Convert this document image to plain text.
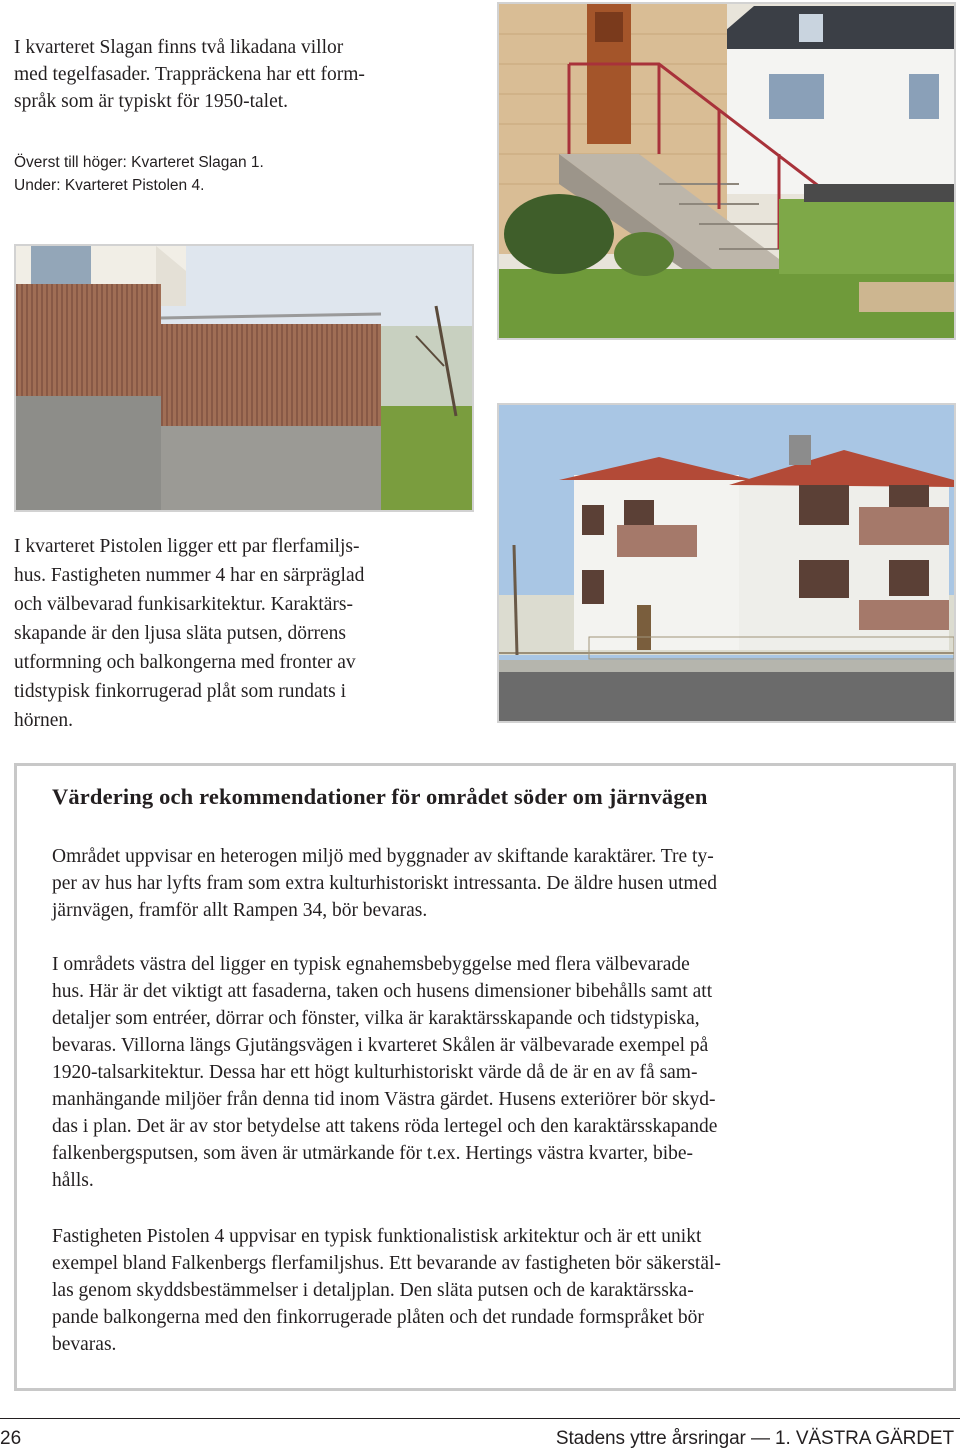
I kvarteret Slagan finns två likadana villor
med tegelfasader. Trappräckena har ett form-
språk som är typiskt för 1950-talet.
Överst till höger: Kvarteret Slagan 1.
Under: Kvarteret Pistolen 4.
I kvarteret Pistolen ligger ett par flerfamiljs-
hus. Fastigheten nummer 4 har en särpräglad
och välbevarad funkisarkitektur. Karaktärs-
skapande är den ljusa släta putsen, dörrens
utformning och balkongerna med fronter av
tidstypisk finkorrugerad plåt som rundats i
hörnen.
Värdering och rekommendationer för området söder om järnvägen
Området uppvisar en heterogen miljö med byggnader av skiftande karaktärer. Tre ty-
per av hus har lyfts fram som extra kulturhistoriskt intressanta. De äldre husen utmed
järnvägen, framför allt Rampen 34, bör bevaras.
I områdets västra del ligger en typisk egnahemsbebyggelse med flera välbevarade
hus. Här är det viktigt att fasaderna, taken och husens dimensioner bibehålls samt att
detaljer som entréer, dörrar och fönster, vilka är karaktärsskapande och tidstypiska,
bevaras. Villorna längs Gjutängsvägen i kvarteret Skålen är välbevarade exempel på
1920-talsarkitektur. Dessa har ett högt kulturhistoriskt värde då de är en av få sam-
manhängande miljöer från denna tid inom Västra gärdet. Husens exteriörer bör skyd-
das i plan. Det är av stor betydelse att takens röda lertegel och den karaktärsskapande
falkenbergsputsen, som även är utmärkande för t.ex. Hertings västra kvarter, bibe-
hålls.
Fastigheten Pistolen 4 uppvisar en typisk funktionalistisk arkitektur och är ett unikt
exempel bland Falkenbergs flerfamiljshus. Ett bevarande av fastigheten bör säkerstäl-
las genom skyddsbestämmelser i detaljplan. Den släta putsen och de karaktärsska-
pande balkongerna med den finkorrugerade plåten och det rundade formspråket bör
bevaras.
26	Stadens yttre årsringar — 1. VÄSTRA GÄRDET
